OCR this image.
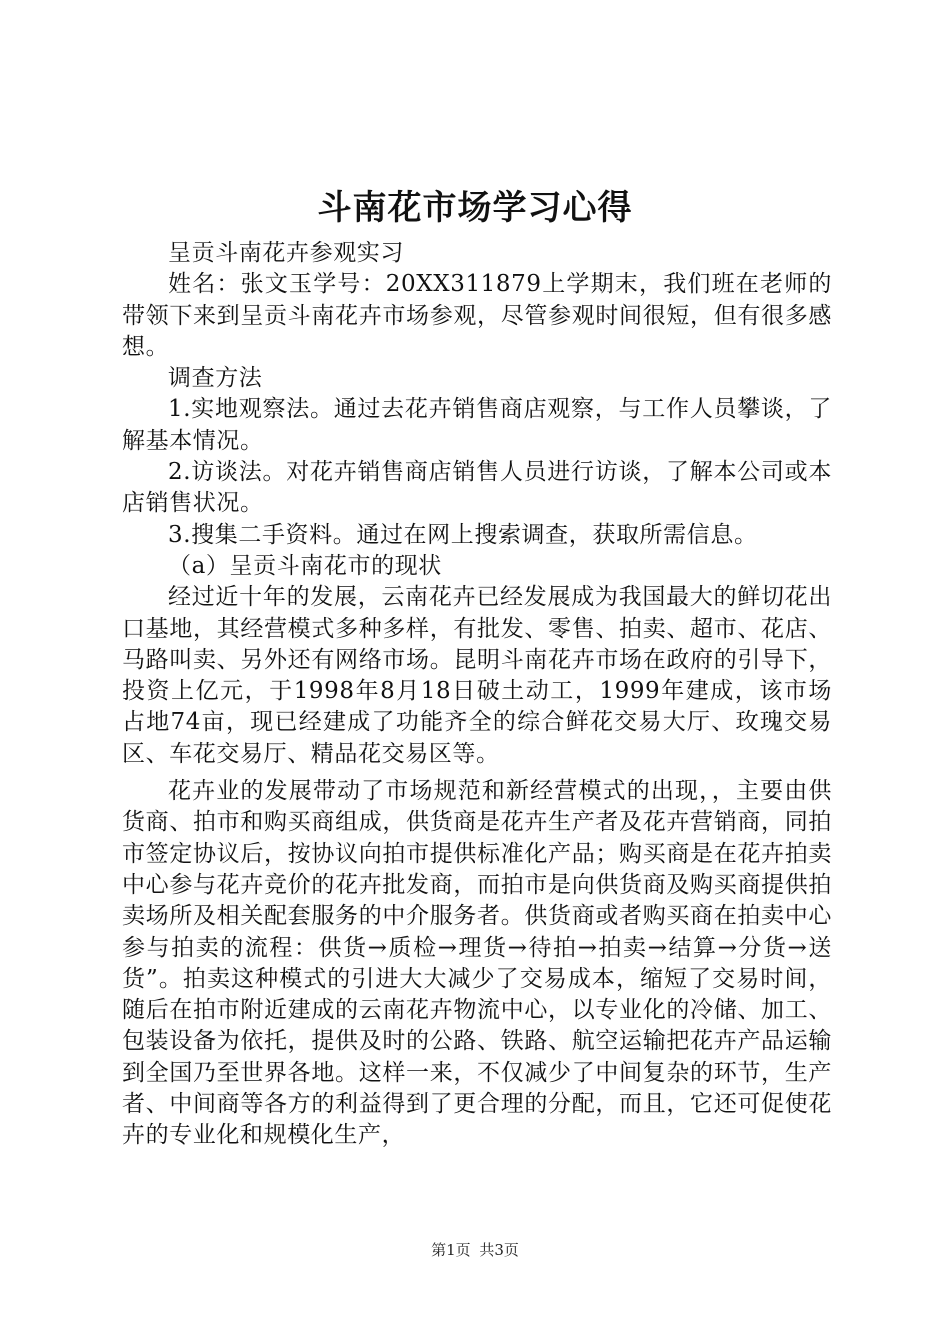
斗南花市场学习心得

呈贡斗南花卉参观实习

姓名：张文玉学号：20XX311879上学期末，我们班在老师的带领下来到呈贡斗南花卉市场参观，尽管参观时间很短，但有很多感想。

调查方法

1.实地观察法。通过去花卉销售商店观察，与工作人员攀谈，了解基本情况。

2.访谈法。对花卉销售商店销售人员进行访谈，了解本公司或本店销售状况。

3.搜集二手资料。通过在网上搜索调查，获取所需信息。

（a）呈贡斗南花市的现状

经过近十年的发展，云南花卉已经发展成为我国最大的鲜切花出口基地，其经营模式多种多样，有批发、零售、拍卖、超市、花店、马路叫卖、另外还有网络市场。昆明斗南花卉市场在政府的引导下，投资上亿元，于1998年8月18日破土动工，1999年建成，该市场占地74亩，现已经建成了功能齐全的综合鲜花交易大厅、玫瑰交易区、车花交易厅、精品花交易区等。

花卉业的发展带动了市场规范和新经营模式的出现，，主要由供货商、拍市和购买商组成，供货商是花卉生产者及花卉营销商，同拍市签定协议后，按协议向拍市提供标准化产品；购买商是在花卉拍卖中心参与花卉竞价的花卉批发商，而拍市是向供货商及购买商提供拍卖场所及相关配套服务的中介服务者。供货商或者购买商在拍卖中心参与拍卖的流程：供货→质检→理货→待拍→拍卖→结算→分货→送货”。拍卖这种模式的引进大大减少了交易成本，缩短了交易时间，随后在拍市附近建成的云南花卉物流中心，以专业化的冷储、加工、包装设备为依托，提供及时的公路、铁路、航空运输把花卉产品运输到全国乃至世界各地。这样一来，不仅减少了中间复杂的环节，生产者、中间商等各方的利益得到了更合理的分配，而且，它还可促使花卉的专业化和规模化生产，

第1页 共3页
